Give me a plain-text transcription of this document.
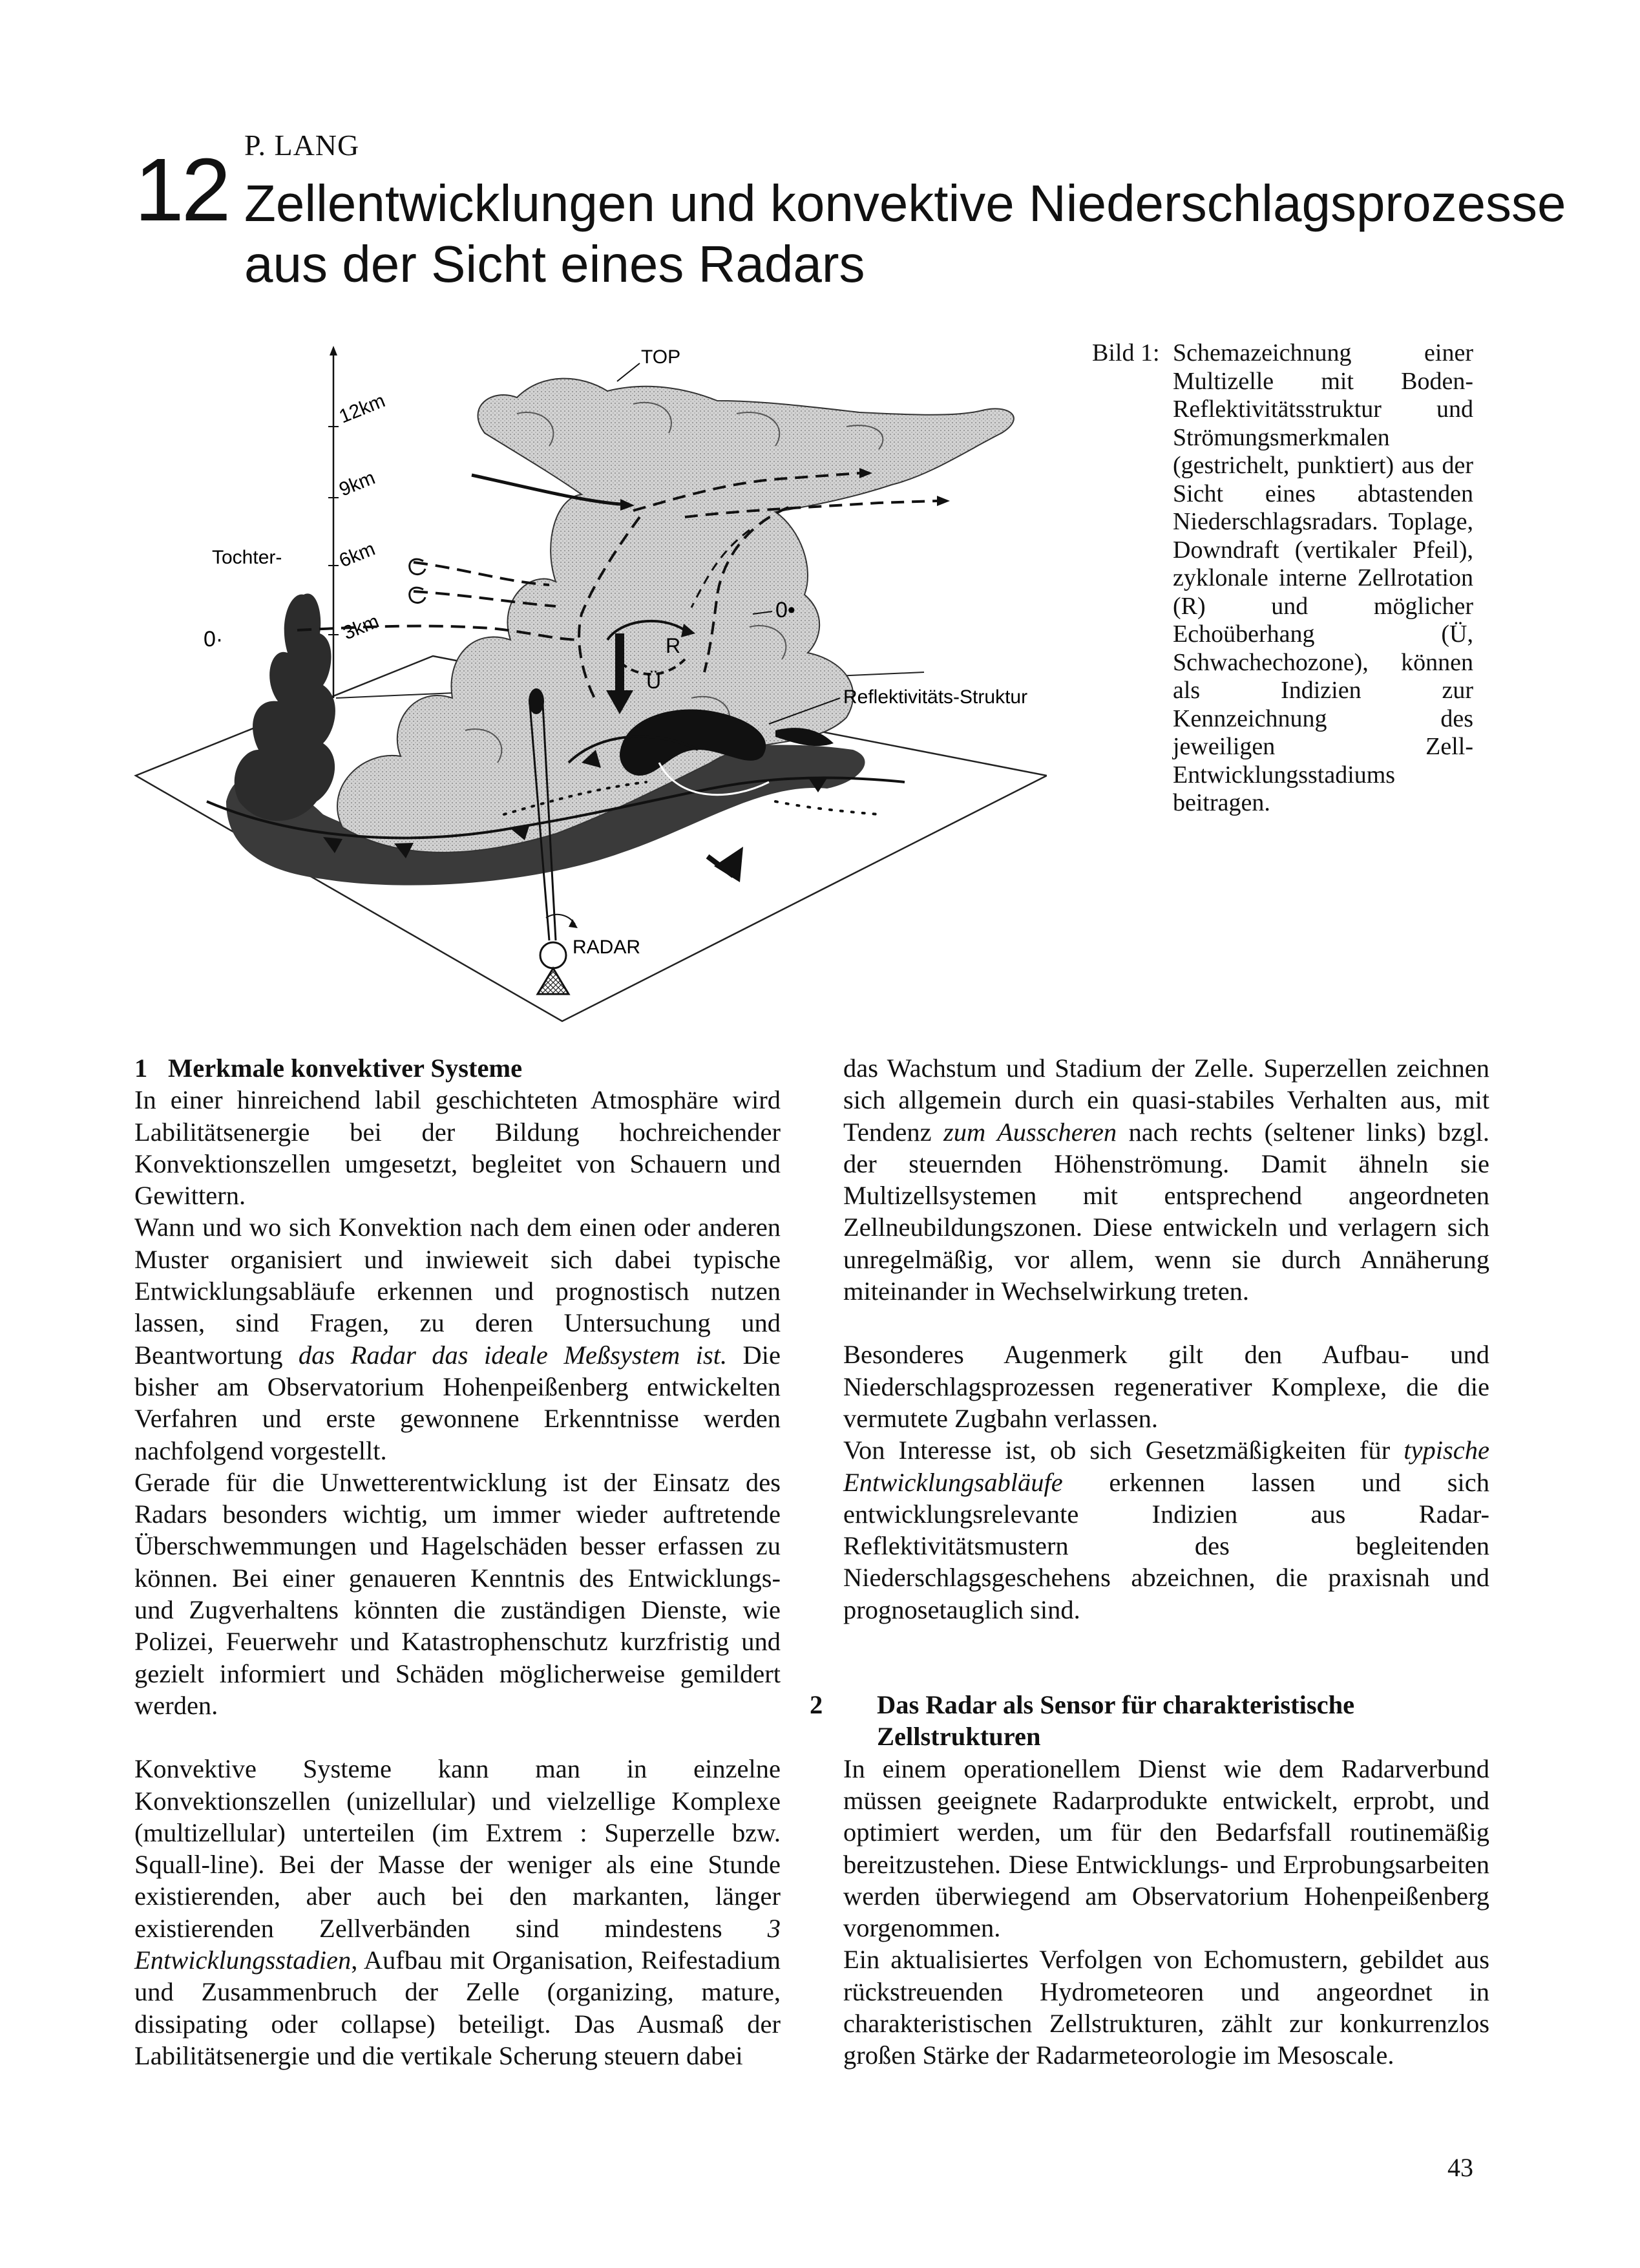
P. LANG
12 Zellentwicklungen und konvektive Niederschlagsprozesse aus der Sicht eines Radars
12km
9km
6km
3km
TOP
R
Ü
Reflektivitäts-Struktur
0·
0•
Tochter-
RADAR
Bild 1: Schemazeichnung einer Multizelle mit Boden-Reflektivitätsstruktur und Strömungsmerkmalen (gestrichelt, punktiert) aus der Sicht eines abtastenden Niederschlagsradars. Toplage, Downdraft (vertikaler Pfeil), zyklonale interne Zellrotation (R) und möglicher Echoüberhang (Ü, Schwachechozone), können als Indizien zur Kennzeichnung des jeweiligen Zell-Entwicklungsstadiums beitragen.
1 Merkmale konvektiver Systeme

In einer hinreichend labil geschichteten Atmosphäre wird Labilitätsenergie bei der Bildung hochreichender Konvektionszellen umgesetzt, begleitet von Schauern und Gewittern.

Wann und wo sich Konvektion nach dem einen oder anderen Muster organisiert und inwieweit sich dabei typische Entwicklungsabläufe erkennen und prognostisch nutzen lassen, sind Fragen, zu deren Untersuchung und Beantwortung das Radar das ideale Meßsystem ist. Die bisher am Observatorium Hohenpeißenberg entwickelten Verfahren und erste gewonnene Erkenntnisse werden nachfolgend vorgestellt.

Gerade für die Unwetterentwicklung ist der Einsatz des Radars besonders wichtig, um immer wieder auftretende Überschwemmungen und Hagelschäden besser erfassen zu können. Bei einer genaueren Kenntnis des Entwicklungs- und Zugverhaltens könnten die zuständigen Dienste, wie Polizei, Feuerwehr und Katastrophenschutz kurzfristig und gezielt informiert und Schäden möglicherweise gemildert werden.

Konvektive Systeme kann man in einzelne Konvektionszellen (unizellular) und vielzellige Komplexe (multizellular) unterteilen (im Extrem : Superzelle bzw. Squall-line). Bei der Masse der weniger als eine Stunde existierenden, aber auch bei den markanten, länger existierenden Zellverbänden sind mindestens 3 Entwicklungsstadien, Aufbau mit Organisation, Reifestadium und Zusammenbruch der Zelle (organizing, mature, dissipating oder collapse) beteiligt. Das Ausmaß der Labilitätsenergie und die vertikale Scherung steuern dabei

das Wachstum und Stadium der Zelle. Superzellen zeichnen sich allgemein durch ein quasi-stabiles Verhalten aus, mit Tendenz zum Ausscheren nach rechts (seltener links) bzgl. der steuernden Höhenströmung. Damit ähneln sie Multizellsystemen mit entsprechend angeordneten Zellneubildungszonen. Diese entwickeln und verlagern sich unregelmäßig, vor allem, wenn sie durch Annäherung miteinander in Wechselwirkung treten.

Besonderes Augenmerk gilt den Aufbau- und Niederschlagsprozessen regenerativer Komplexe, die die vermutete Zugbahn verlassen.

Von Interesse ist, ob sich Gesetzmäßigkeiten für typische Entwicklungsabläufe erkennen lassen und sich entwicklungsrelevante Indizien aus Radar-Reflektivitätsmustern des begleitenden Niederschlagsgeschehens abzeichnen, die praxisnah und prognosetauglich sind.

2 Das Radar als Sensor für charakteristische Zellstrukturen

In einem operationellem Dienst wie dem Radarverbund müssen geeignete Radarprodukte entwickelt, erprobt, und optimiert werden, um für den Bedarfsfall routinemäßig bereitzustehen. Diese Entwicklungs- und Erprobungsarbeiten werden überwiegend am Observatorium Hohenpeißenberg vorgenommen.

Ein aktualisiertes Verfolgen von Echomustern, gebildet aus rückstreuenden Hydrometeoren und angeordnet in charakteristischen Zellstrukturen, zählt zur konkurrenzlos großen Stärke der Radarmeteorologie im Mesoscale.

43
